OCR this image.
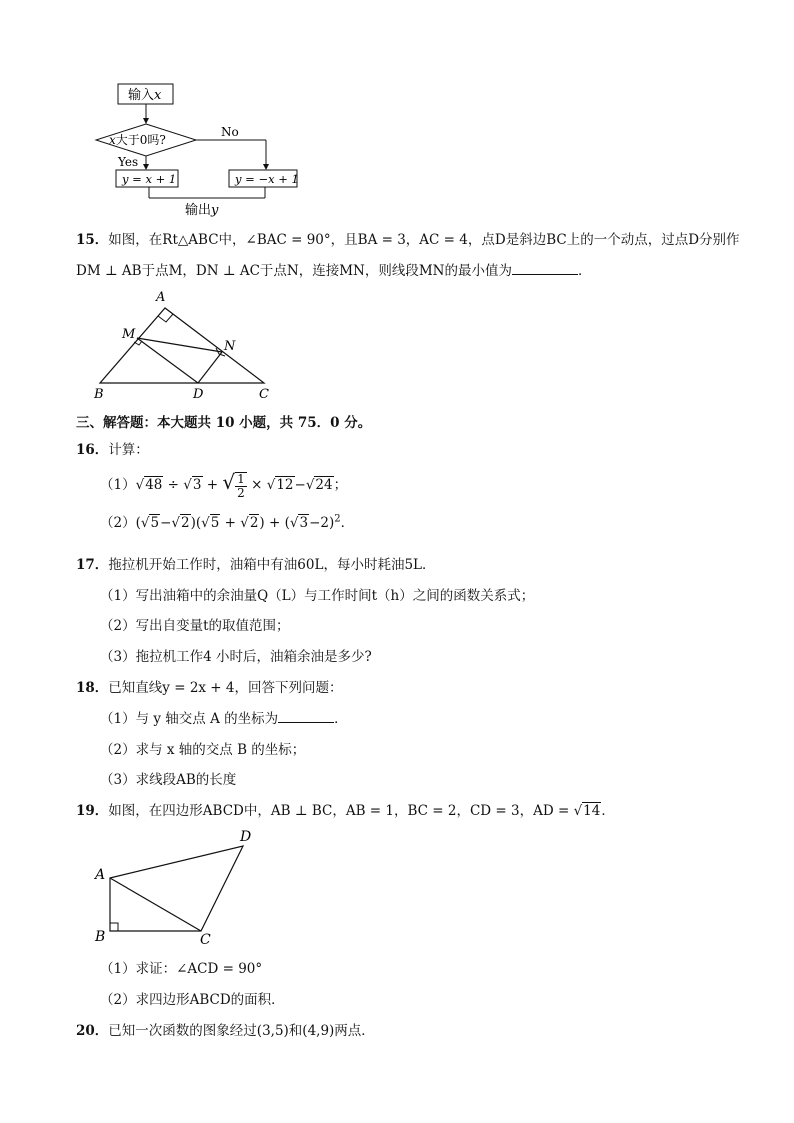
输入x
x大于0吗?
No
Yes
y = x + 1	y = −x + 1
输出y
15．如图，在Rt△ABC中，∠BAC = 90°，且BA = 3，AC = 4，点D是斜边BC上的一个动点，过点D分别作
DM ⊥ AB于点M，DN ⊥ AC于点N，连接MN，则线段MN的最小值为	．
A
M
N
B	D	C
三、解答题：本大题共 10 小题，共 75．0 分。
16．计算：
（1）√48 ÷ √3 + √ $\frac{1}{2} \times √12-√24$；
$(2)(√5-√2)(√5 + √2) + (√3-2)^2$．
17．拖拉机开始工作时，油箱中有油60L，每小时耗油5L．
（1）写出油箱中的余油量Q（L）与工作时间t（h）之间的函数关系式；
（2）写出自变量t的取值范围；
（3）拖拉机工作4 小时后，油箱余油是多少?
18．已知直线y = 2x + 4，回答下列问题：
（1）与 y 轴交点 A 的坐标为	．
（2）求与 x 轴的交点 B 的坐标；
（3）求线段AB的长度
19．如图，在四边形ABCD中，AB ⊥ BC，AB = 1，BC = 2，CD = 3，AD = √14．
A
B	C
D
（1）求证：∠ACD = 90°
（2）求四边形ABCD的面积．
20．已知一次函数的图象经过(3,5)和(4,9)两点．
